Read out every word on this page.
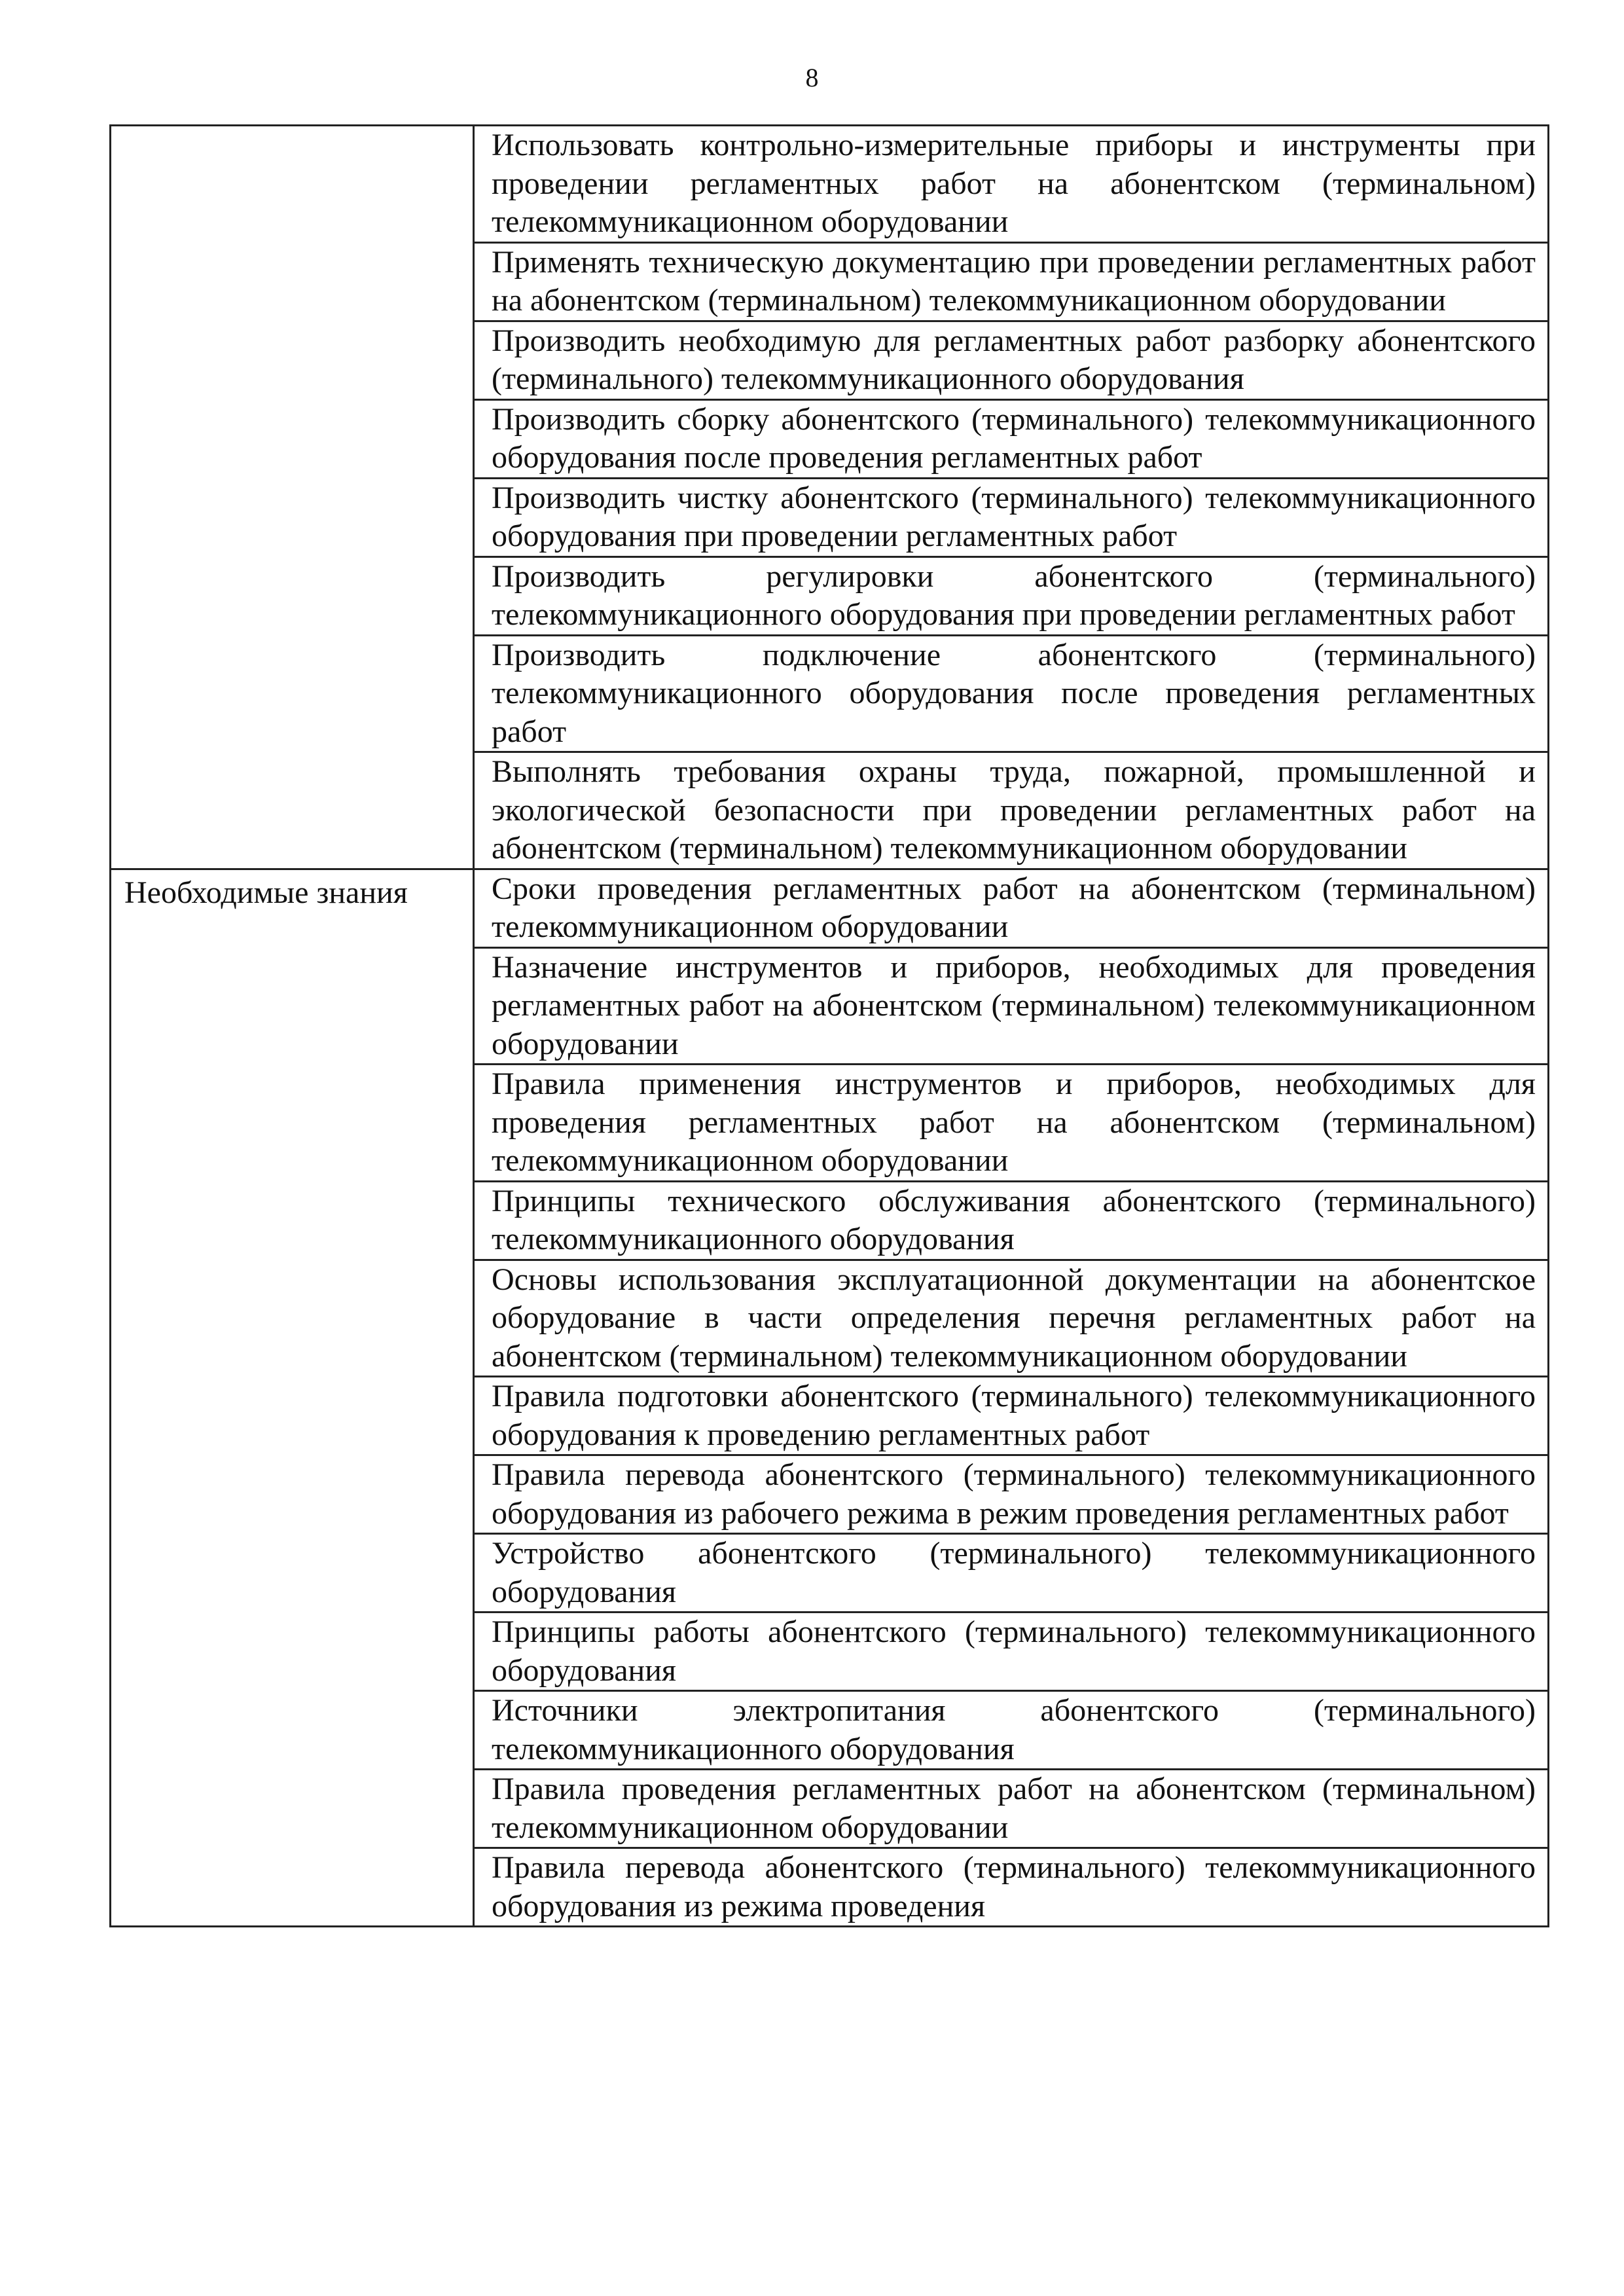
8
	Использовать контрольно-измерительные приборы и инструменты при проведении регламентных работ на абонентском (терминальном) телекоммуникационном оборудовании
	Применять техническую документацию при проведении регламентных работ на абонентском (терминальном) телекоммуникационном оборудовании
	Производить необходимую для регламентных работ разборку абонентского (терминального) телекоммуникационного оборудования
	Производить сборку абонентского (терминального) телекоммуникационного оборудования после проведения регламентных работ
	Производить чистку абонентского (терминального) телекоммуникационного оборудования при проведении регламентных работ
	Производить регулировки абонентского (терминального) телекоммуникационного оборудования при проведении регламентных работ
	Производить подключение абонентского (терминального) телекоммуникационного оборудования после проведения регламентных работ
	Выполнять требования охраны труда, пожарной, промышленной и экологической безопасности при проведении регламентных работ на абонентском (терминальном) телекоммуникационном оборудовании
Необходимые знания	Сроки проведения регламентных работ на абонентском (терминальном) телекоммуникационном оборудовании
	Назначение инструментов и приборов, необходимых для проведения регламентных работ на абонентском (терминальном) телекоммуникационном оборудовании
	Правила применения инструментов и приборов, необходимых для проведения регламентных работ на абонентском (терминальном) телекоммуникационном оборудовании
	Принципы технического обслуживания абонентского (терминального) телекоммуникационного оборудования
	Основы использования эксплуатационной документации на абонентское оборудование в части определения перечня регламентных работ на абонентском (терминальном) телекоммуникационном оборудовании
	Правила подготовки абонентского (терминального) телекоммуникационного оборудования к проведению регламентных работ
	Правила перевода абонентского (терминального) телекоммуникационного оборудования из рабочего режима в режим проведения регламентных работ
	Устройство абонентского (терминального) телекоммуникационного оборудования
	Принципы работы абонентского (терминального) телекоммуникационного оборудования
	Источники электропитания абонентского (терминального) телекоммуникационного оборудования
	Правила проведения регламентных работ на абонентском (терминальном) телекоммуникационном оборудовании
	Правила перевода абонентского (терминального) телекоммуникационного оборудования из режима проведения
